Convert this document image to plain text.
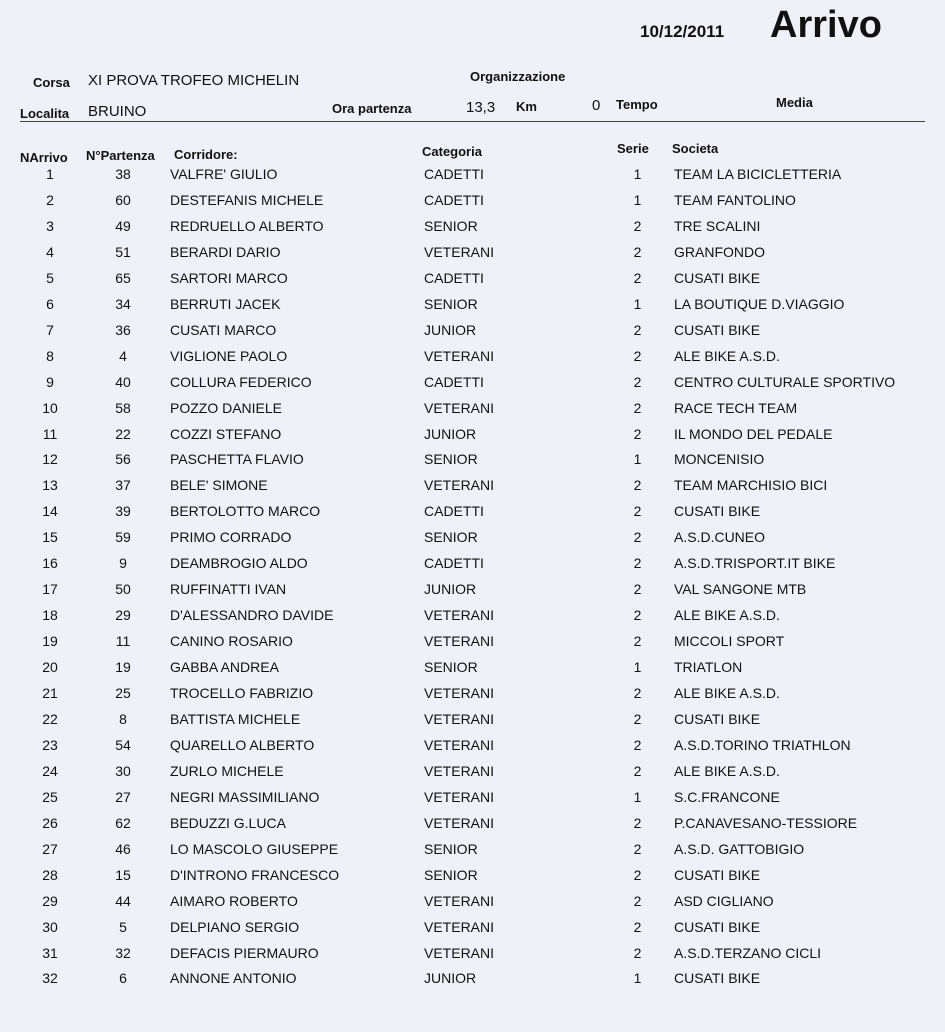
10/12/2011 Arrivo
Corsa XI PROVA TROFEO MICHELIN	Organizzazione
Localita BRUINO	Ora partenza	13,3 Km	0 Tempo	Media
NArrivo N°Partenza Corridore:	Categoria	Serie Societa
1	38	VALFRE' GIULIO	CADETTI	1 TEAM LA BICICLETTERIA
2	60	DESTEFANIS MICHELE	CADETTI	1 TEAM FANTOLINO
3	49	REDRUELLO ALBERTO	SENIOR	2 TRE SCALINI
4	51	BERARDI DARIO	VETERANI	2 GRANFONDO
5	65	SARTORI MARCO	CADETTI	2 CUSATI BIKE
6	34	BERRUTI JACEK	SENIOR	1 LA BOUTIQUE D.VIAGGIO
7	36	CUSATI MARCO	JUNIOR	2 CUSATI BIKE
8	4	VIGLIONE PAOLO	VETERANI	2 ALE BIKE A.S.D.
9	40	COLLURA FEDERICO	CADETTI	2 CENTRO CULTURALE SPORTIVO
10	58	POZZO DANIELE	VETERANI	2 RACE TECH TEAM
11	22	COZZI STEFANO	JUNIOR	2 IL MONDO DEL PEDALE
12	56	PASCHETTA FLAVIO	SENIOR	1 MONCENISIO
13	37	BELE' SIMONE	VETERANI	2 TEAM MARCHISIO BICI
14	39	BERTOLOTTO MARCO	CADETTI	2 CUSATI BIKE
15	59	PRIMO CORRADO	SENIOR	2 A.S.D.CUNEO
16	9	DEAMBROGIO ALDO	CADETTI	2 A.S.D.TRISPORT.IT BIKE
17	50	RUFFINATTI IVAN	JUNIOR	2 VAL SANGONE MTB
18	29	D'ALESSANDRO DAVIDE	VETERANI	2 ALE BIKE A.S.D.
19	11	CANINO ROSARIO	VETERANI	2 MICCOLI SPORT
20	19	GABBA ANDREA	SENIOR	1 TRIATLON
21	25	TROCELLO FABRIZIO	VETERANI	2 ALE BIKE A.S.D.
22	8	BATTISTA MICHELE	VETERANI	2 CUSATI BIKE
23	54	QUARELLO ALBERTO	VETERANI	2 A.S.D.TORINO TRIATHLON
24	30	ZURLO MICHELE	VETERANI	2 ALE BIKE A.S.D.
25	27	NEGRI MASSIMILIANO	VETERANI	1 S.C.FRANCONE
26	62	BEDUZZI G.LUCA	VETERANI	2 P.CANAVESANO-TESSIORE
27	46	LO MASCOLO GIUSEPPE	SENIOR	2 A.S.D. GATTOBIGIO
28	15	D'INTRONO FRANCESCO	SENIOR	2 CUSATI BIKE
29	44	AIMARO ROBERTO	VETERANI	2 ASD CIGLIANO
30	5	DELPIANO SERGIO	VETERANI	2 CUSATI BIKE
31	32	DEFACIS PIERMAURO	VETERANI	2 A.S.D.TERZANO CICLI
32	6	ANNONE ANTONIO	JUNIOR	1 CUSATI BIKE
